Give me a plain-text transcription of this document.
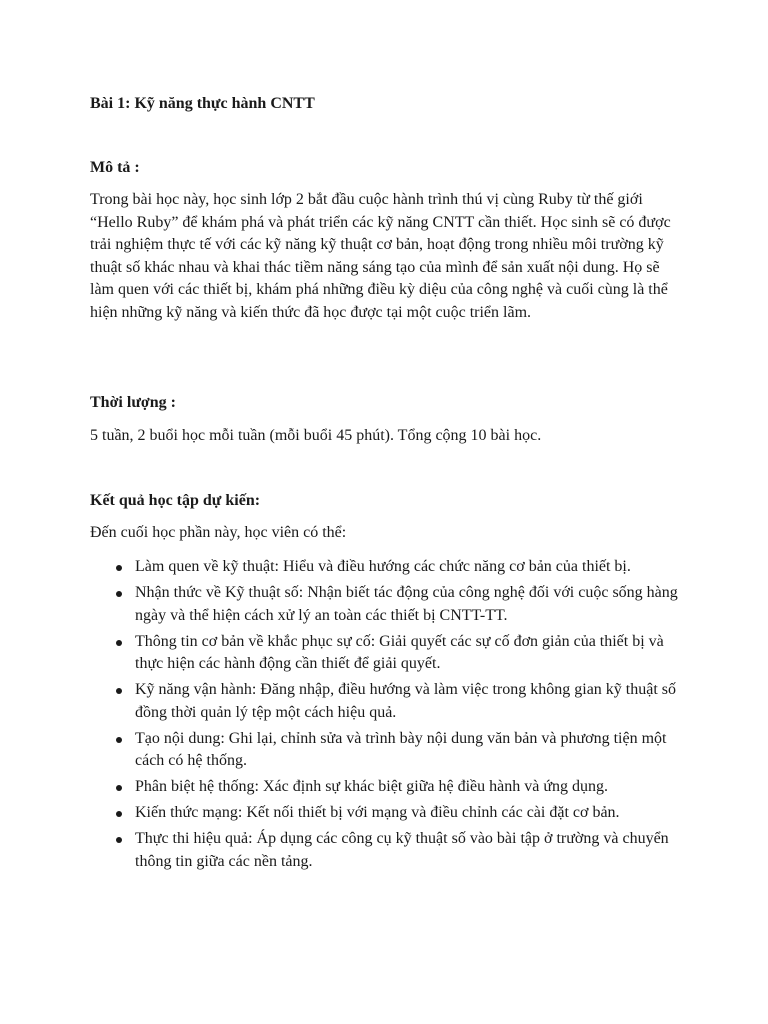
Bài 1: Kỹ năng thực hành CNTT
Mô tả :

Trong bài học này, học sinh lớp 2 bắt đầu cuộc hành trình thú vị cùng Ruby từ thế giới “Hello Ruby” để khám phá và phát triển các kỹ năng CNTT cần thiết. Học sinh sẽ có được trải nghiệm thực tế với các kỹ năng kỹ thuật cơ bản, hoạt động trong nhiều môi trường kỹ thuật số khác nhau và khai thác tiềm năng sáng tạo của mình để sản xuất nội dung. Họ sẽ làm quen với các thiết bị, khám phá những điều kỳ diệu của công nghệ và cuối cùng là thể hiện những kỹ năng và kiến thức đã học được tại một cuộc triển lãm.

Thời lượng :

5 tuần, 2 buổi học mỗi tuần (mỗi buổi 45 phút). Tổng cộng 10 bài học.

Kết quả học tập dự kiến:

Đến cuối học phần này, học viên có thể:

Làm quen về kỹ thuật: Hiểu và điều hướng các chức năng cơ bản của thiết bị.
Nhận thức về Kỹ thuật số: Nhận biết tác động của công nghệ đối với cuộc sống hàng ngày và thể hiện cách xử lý an toàn các thiết bị CNTT-TT.
Thông tin cơ bản về khắc phục sự cố: Giải quyết các sự cố đơn giản của thiết bị và thực hiện các hành động cần thiết để giải quyết.
Kỹ năng vận hành: Đăng nhập, điều hướng và làm việc trong không gian kỹ thuật số đồng thời quản lý tệp một cách hiệu quả.
Tạo nội dung: Ghi lại, chỉnh sửa và trình bày nội dung văn bản và phương tiện một cách có hệ thống.
Phân biệt hệ thống: Xác định sự khác biệt giữa hệ điều hành và ứng dụng.
Kiến thức mạng: Kết nối thiết bị với mạng và điều chỉnh các cài đặt cơ bản.
Thực thi hiệu quả: Áp dụng các công cụ kỹ thuật số vào bài tập ở trường và chuyển thông tin giữa các nền tảng.
